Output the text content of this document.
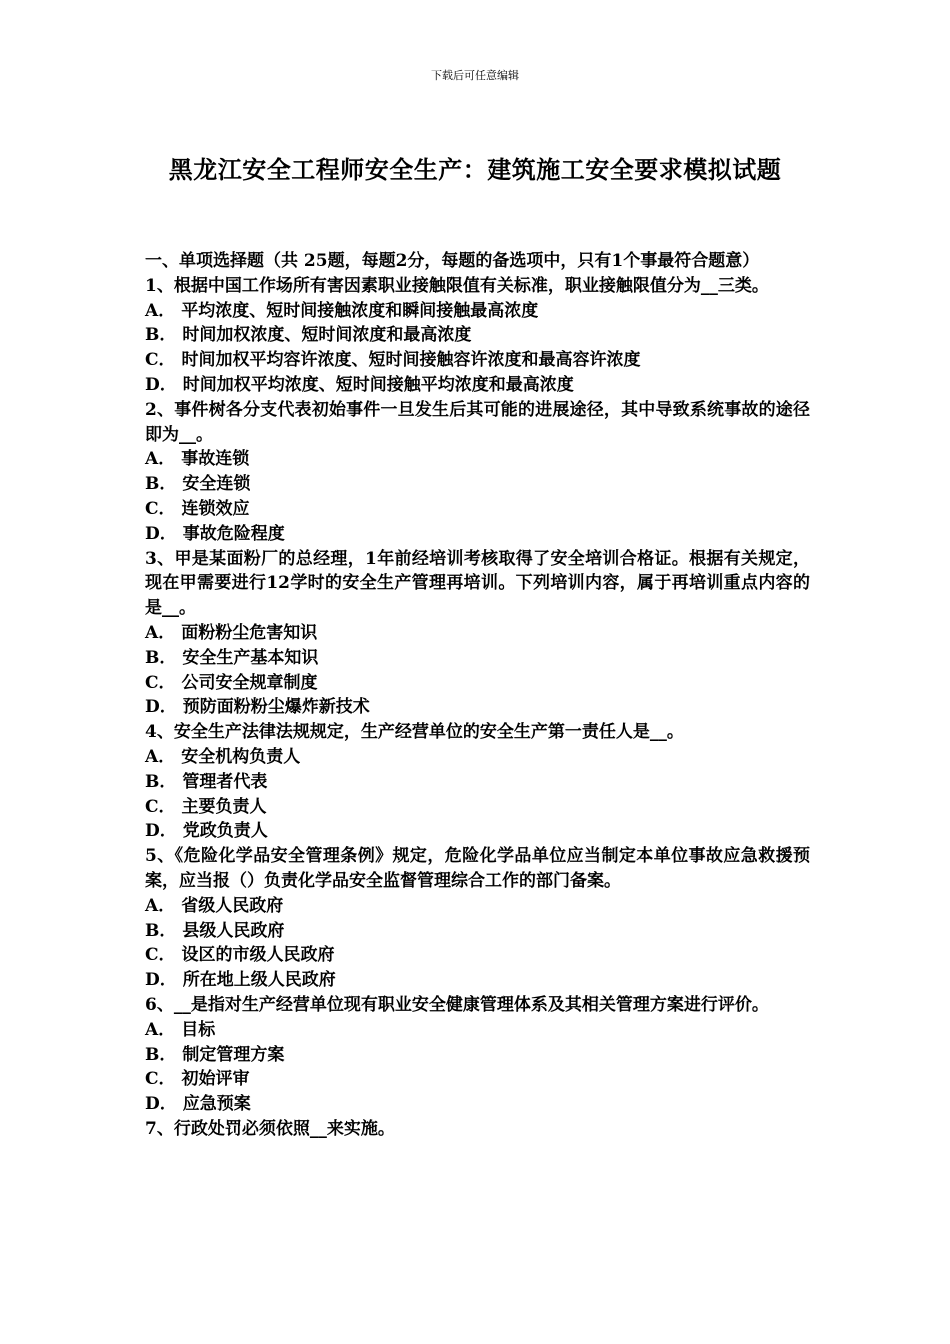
下载后可任意编辑
黑龙江安全工程师安全生产：建筑施工安全要求模拟试题

一、单项选择题（共 25题，每题2分，每题的备选项中，只有1个事最符合题意）

1、根据中国工作场所有害因素职业接触限值有关标准，职业接触限值分为__三类。

A． 平均浓度、短时间接触浓度和瞬间接触最高浓度

B． 时间加权浓度、短时间浓度和最高浓度

C． 时间加权平均容许浓度、短时间接触容许浓度和最高容许浓度

D． 时间加权平均浓度、短时间接触平均浓度和最高浓度

2、事件树各分支代表初始事件一旦发生后其可能的进展途径，其中导致系统事故的途径即为__。

A． 事故连锁

B． 安全连锁

C． 连锁效应

D． 事故危险程度

3、甲是某面粉厂的总经理，1年前经培训考核取得了安全培训合格证。根据有关规定，现在甲需要进行12学时的安全生产管理再培训。下列培训内容，属于再培训重点内容的是__。

A． 面粉粉尘危害知识

B． 安全生产基本知识

C． 公司安全规章制度

D． 预防面粉粉尘爆炸新技术

4、安全生产法律法规规定，生产经营单位的安全生产第一责任人是__。

A． 安全机构负责人

B． 管理者代表

C． 主要负责人

D． 党政负责人

5、《危险化学品安全管理条例》规定，危险化学品单位应当制定本单位事故应急救援预案，应当报（）负责化学品安全监督管理综合工作的部门备案。

A． 省级人民政府

B． 县级人民政府

C． 设区的市级人民政府

D． 所在地上级人民政府

6、__是指对生产经营单位现有职业安全健康管理体系及其相关管理方案进行评价。

A． 目标

B． 制定管理方案

C． 初始评审

D． 应急预案

7、行政处罚必须依照__来实施。
